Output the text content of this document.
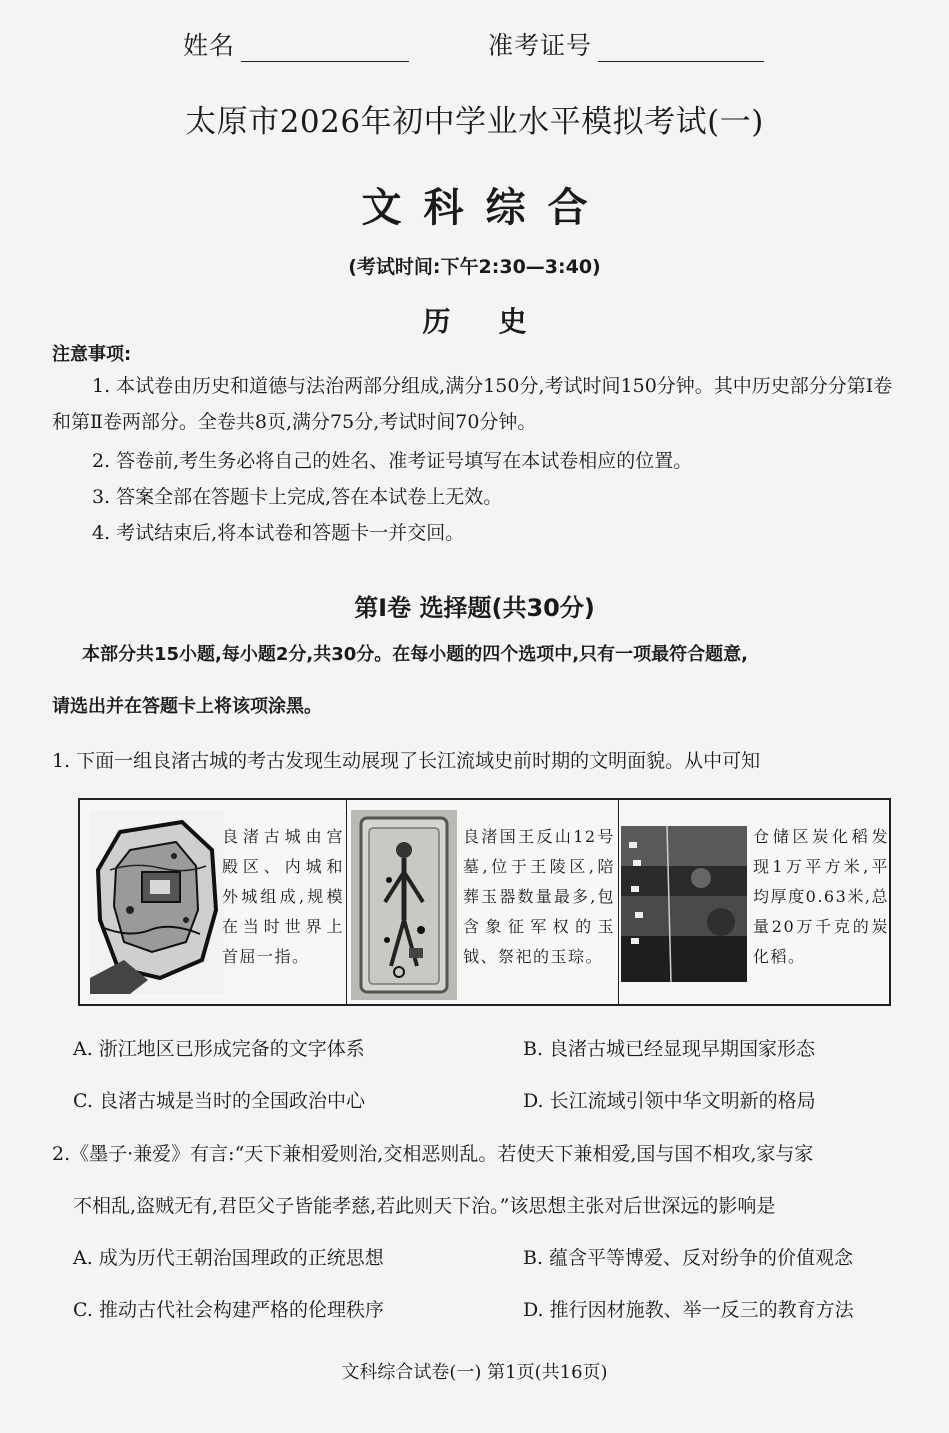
姓名	准考证号
太原市2026年初中学业水平模拟考试(一)
文科综合
(考试时间:下午2:30—3:40)
历史
注意事项:
1. 本试卷由历史和道德与法治两部分组成,满分150分,考试时间150分钟。其中历史部分分第Ⅰ卷和第Ⅱ卷两部分。全卷共8页,满分75分,考试时间70分钟。
2. 答卷前,考生务必将自己的姓名、准考证号填写在本试卷相应的位置。
3. 答案全部在答题卡上完成,答在本试卷上无效。
4. 考试结束后,将本试卷和答题卡一并交回。
第Ⅰ卷 选择题(共30分)
本部分共15小题,每小题2分,共30分。在每小题的四个选项中,只有一项最符合题意,
请选出并在答题卡上将该项涂黑。
1. 下面一组良渚古城的考古发现生动展现了长江流域史前时期的文明面貌。从中可知
良渚古城由宫殿区、内城和外城组成,规模在当时世界上首屈一指。
良渚国王反山12号墓,位于王陵区,陪葬玉器数量最多,包含象征军权的玉钺、祭祀的玉琮。
仓储区炭化稻发现1万平方米,平均厚度0.63米,总量20万千克的炭化稻。
A. 浙江地区已形成完备的文字体系	B. 良渚古城已经显现早期国家形态
C. 良渚古城是当时的全国政治中心	D. 长江流域引领中华文明新的格局
2.《墨子·兼爱》有言:“天下兼相爱则治,交相恶则乱。若使天下兼相爱,国与国不相攻,家与家
不相乱,盗贼无有,君臣父子皆能孝慈,若此则天下治。”该思想主张对后世深远的影响是
A. 成为历代王朝治国理政的正统思想	B. 蕴含平等博爱、反对纷争的价值观念
C. 推动古代社会构建严格的伦理秩序	D. 推行因材施教、举一反三的教育方法
文科综合试卷(一) 第1页(共16页)
